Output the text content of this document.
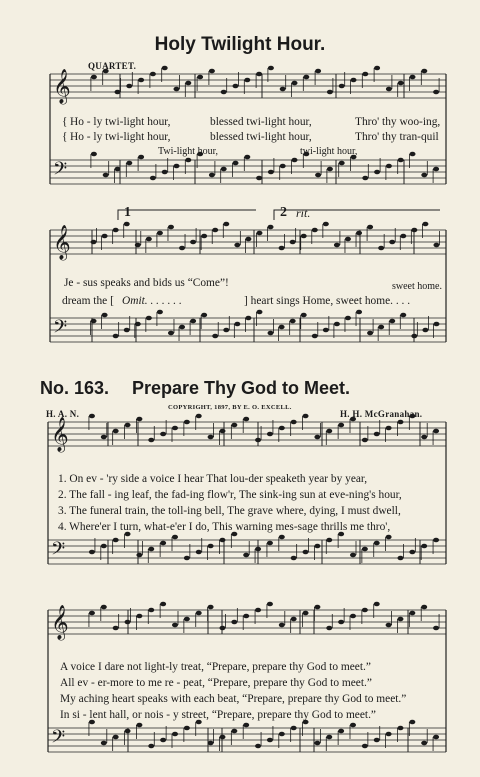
𝄞
𝄢
𝄞
𝄢
𝄞
𝄢
𝄞
𝄢
Holy Twilight Hour.
QUARTET.
{ Ho - ly twi-light hour,	blessed twi-light hour,	Thro' thy woo-ing,
{ Ho - ly twi-light hour,	blessed twi-light hour,	Thro' thy tran-quil
Twi-light hour,	twi-light hour,
1	2 rit.
Je - sus speaks and bids us “Come”!	sweet home.
dream the [ Omit. . . . . . .	] heart sings Home, sweet home. . . .
No. 163. Prepare Thy God to Meet.
COPYRIGHT, 1897, BY E. O. EXCELL.
H. A. N.	H. H. McGranahan.
1. On ev - 'ry side a voice I hear That lou-der speaketh year by year,
2. The fall - ing leaf, the fad-ing flow'r, The sink-ing sun at eve-ning's hour,
3. The funeral train, the toll-ing bell, The grave where, dying, I must dwell,
4. Where'er I turn, what-e'er I do, This warning mes-sage thrills me thro',
A voice I dare not light-ly treat, “Prepare, prepare thy God to meet.”
All ev - er-more to me re - peat, “Prepare, prepare thy God to meet.”
My aching heart speaks with each beat, “Prepare, prepare thy God to meet.”
In si - lent hall, or nois - y street, “Prepare, prepare thy God to meet.”
